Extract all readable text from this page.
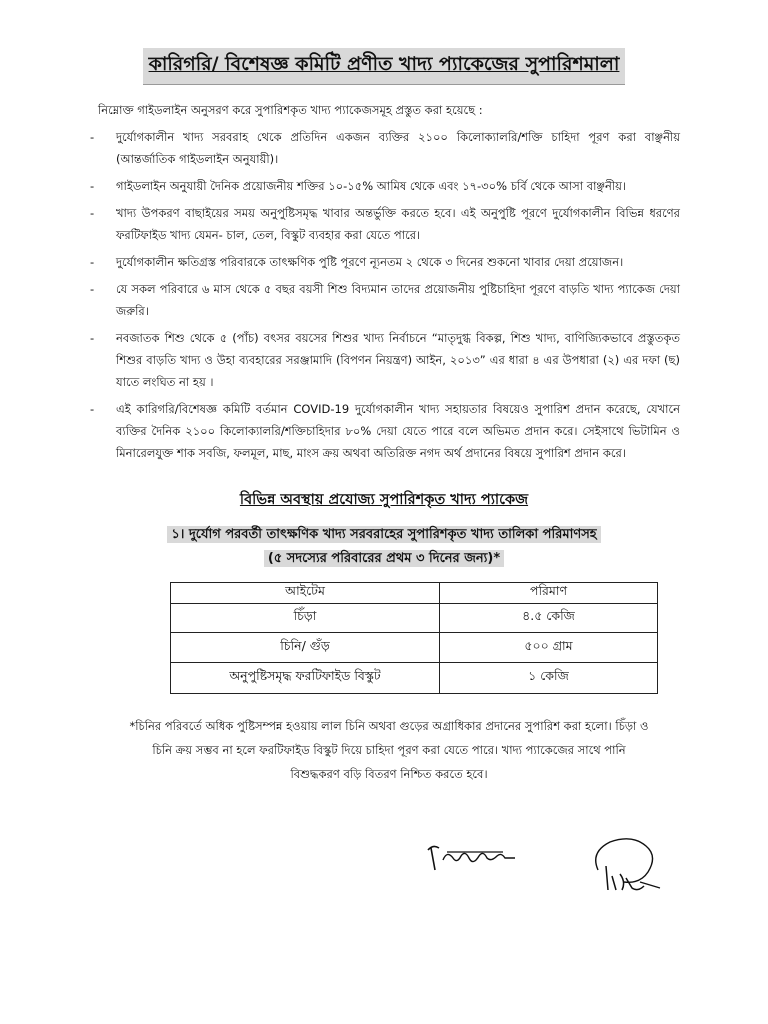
কারিগরি/ বিশেষজ্ঞ কমিটি প্রণীত খাদ্য প্যাকেজের সুপারিশমালা
নিম্নোক্ত গাইডলাইন অনুসরণ করে সুপারিশকৃত খাদ্য প্যাকেজসমূহ প্রস্তুত করা হয়েছে :
- দুর্যোগকালীন খাদ্য সরবরাহ থেকে প্রতিদিন একজন ব্যক্তির ২১০০ কিলোক্যালরি/শক্তি চাহিদা পূরণ করা বাঞ্ছনীয় (আন্তর্জাতিক গাইডলাইন অনুযায়ী)।
- গাইডলাইন অনুযায়ী দৈনিক প্রয়োজনীয় শক্তির ১০-১৫% আমিষ থেকে এবং ১৭-৩০% চর্বি থেকে আসা বাঞ্ছনীয়।
- খাদ্য উপকরণ বাছাইয়ের সময় অনুপুষ্টিসমৃদ্ধ খাবার অন্তর্ভুক্তি করতে হবে। এই অনুপুষ্টি পূরণে দুর্যোগকালীন বিভিন্ন ধরণের ফরটিফাইড খাদ্য যেমন- চাল, তেল, বিস্কুট ব্যবহার করা যেতে পারে।
- দুর্যোগকালীন ক্ষতিগ্রস্ত পরিবারকে তাৎক্ষণিক পুষ্টি পূরণে ন্যূনতম ২ থেকে ৩ দিনের শুকনো খাবার দেয়া প্রয়োজন।
- যে সকল পরিবারে ৬ মাস থেকে ৫ বছর বয়সী শিশু বিদ্যমান তাদের প্রয়োজনীয় পুষ্টিচাহিদা পূরণে বাড়তি খাদ্য প্যাকেজ দেয়া জরুরি।
- নবজাতক শিশু থেকে ৫ (পাঁচ) বৎসর বয়সের শিশুর খাদ্য নির্বাচনে “মাতৃদুগ্ধ বিকল্প, শিশু খাদ্য, বাণিজ্যিকভাবে প্রস্তুতকৃত শিশুর বাড়তি খাদ্য ও উহা ব্যবহারের সরঞ্জামাদি (বিপণন নিয়ন্ত্রণ) আইন, ২০১৩” এর ধারা ৪ এর উপধারা (২) এর দফা (ছ) যাতে লংঘিত না হয় ।
- এই কারিগরি/বিশেষজ্ঞ কমিটি বর্তমান COVID-19 দুর্যোগকালীন খাদ্য সহায়তার বিষয়েও সুপারিশ প্রদান করেছে, যেখানে ব্যক্তির দৈনিক ২১০০ কিলোক্যালরি/শক্তিচাহিদার ৮০% দেয়া যেতে পারে বলে অভিমত প্রদান করে। সেইসাথে ভিটামিন ও মিনারেলযুক্ত শাক সবজি, ফলমূল, মাছ, মাংস ক্রয় অথবা অতিরিক্ত নগদ অর্থ প্রদানের বিষয়ে সুপারিশ প্রদান করে।
বিভিন্ন অবস্থায় প্রযোজ্য সুপারিশকৃত খাদ্য প্যাকেজ
১। দুর্যোগ পরবর্তী তাৎক্ষণিক খাদ্য সরবরাহের সুপারিশকৃত খাদ্য তালিকা পরিমাণসহ
(৫ সদস্যের পরিবারের প্রথম ৩ দিনের জন্য)*
আইটেম	পরিমাণ
চিঁড়া	৪.৫ কেজি
চিনি/ গুঁড়	৫০০ গ্রাম
অনুপুষ্টিসমৃদ্ধ ফরটিফাইড বিস্কুট	১ কেজি
*চিনির পরিবর্তে অধিক পুষ্টিসম্পন্ন হওয়ায় লাল চিনি অথবা গুড়ের অগ্রাধিকার প্রদানের সুপারিশ করা হলো। চিঁড়া ও চিনি ক্রয় সম্ভব না হলে ফরটিফাইড বিস্কুট দিয়ে চাহিদা পূরণ করা যেতে পারে। খাদ্য প্যাকেজের সাথে পানি বিশুদ্ধকরণ বড়ি বিতরণ নিশ্চিত করতে হবে।
